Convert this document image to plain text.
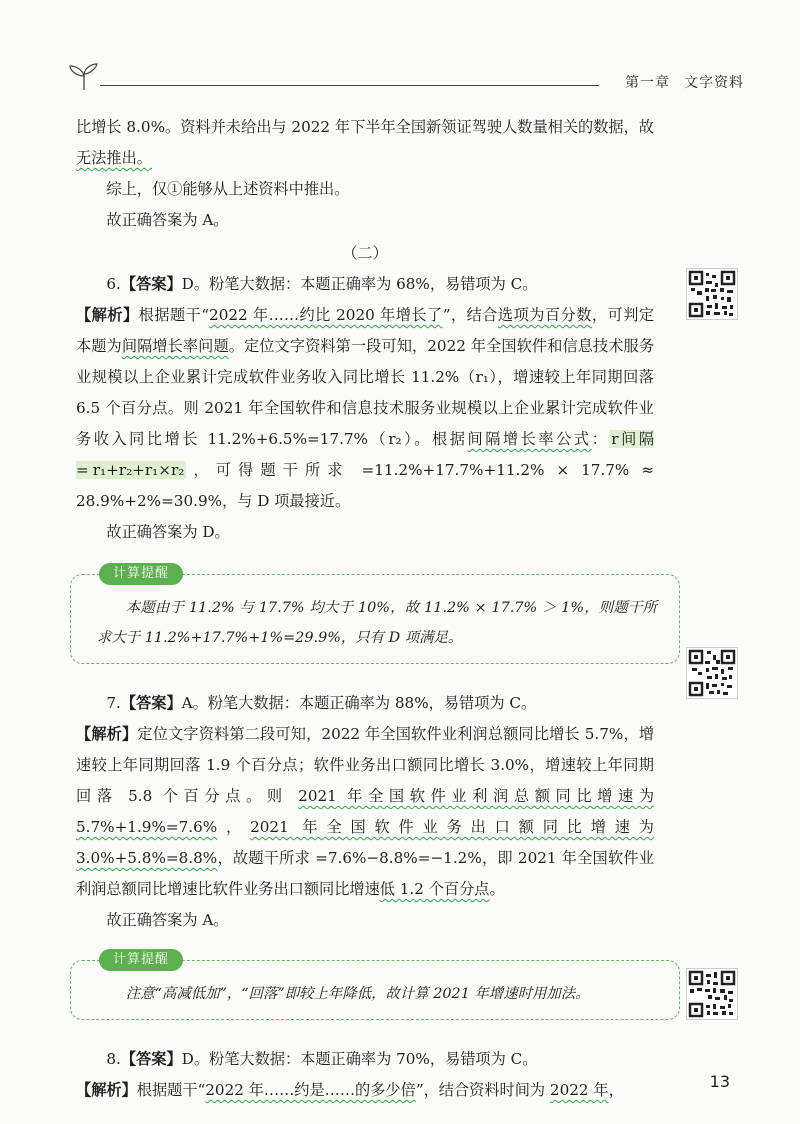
第一章 文字资料

比增长 8.0%。资料并未给出与 2022 年下半年全国新领证驾驶人数量相关的数据，故无法推出。

综上，仅①能够从上述资料中推出。

故正确答案为 A。

（二）

6.【答案】D。粉笔大数据：本题正确率为 68%，易错项为 C。

【解析】根据题干“2022 年……约比 2020 年增长了”，结合选项为百分数，可判定本题为间隔增长率问题。定位文字资料第一段可知，2022 年全国软件和信息技术服务业规模以上企业累计完成软件业务收入同比增长 11.2%（r₁），增速较上年同期回落 6.5 个百分点。则 2021 年全国软件和信息技术服务业规模以上企业累计完成软件业务收入同比增长 11.2%+6.5%=17.7%（r₂）。根据间隔增长率公式： r间隔= r₁+r₂+r₁×r₂ ，可得题干所求 =11.2%+17.7%+11.2% × 17.7% ≈ 28.9%+2%=30.9%，与 D 项最接近。

故正确答案为 D。

计算提醒

本题由于 11.2% 与 17.7% 均大于 10%，故 11.2% × 17.7% ＞ 1%，则题干所求大于 11.2%+17.7%+1%=29.9%，只有 D 项满足。

7.【答案】A。粉笔大数据：本题正确率为 88%，易错项为 C。

【解析】定位文字资料第二段可知，2022 年全国软件业利润总额同比增长 5.7%，增速较上年同期回落 1.9 个百分点；软件业务出口额同比增长 3.0%，增速较上年同期回落 5.8 个百分点。则 2021 年全国软件业利润总额同比增速为 5.7%+1.9%=7.6%，2021 年全国软件业务出口额同比增速为 3.0%+5.8%=8.8%，故题干所求 =7.6%−8.8%=−1.2%，即 2021 年全国软件业利润总额同比增速比软件业务出口额同比增速低 1.2 个百分点。

故正确答案为 A。

计算提醒

注意“高减低加”，“回落”即较上年降低，故计算 2021 年增速时用加法。

8.【答案】D。粉笔大数据：本题正确率为 70%，易错项为 C。

【解析】根据题干“2022 年……约是……的多少倍”，结合资料时间为 2022 年，	13
